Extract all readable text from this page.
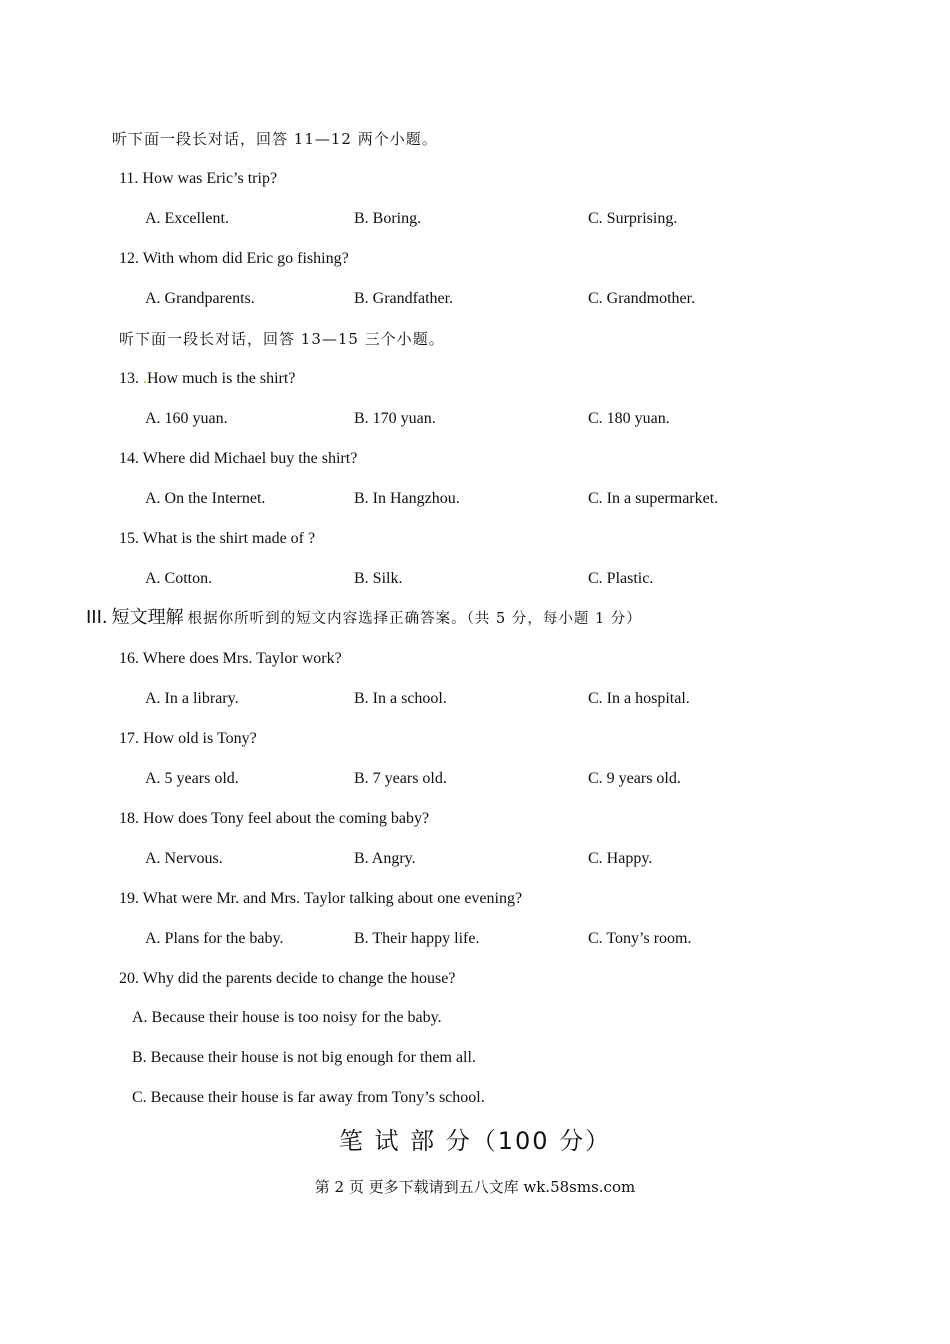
听下面一段长对话，回答 11—12 两个小题。
11. How was Eric’s trip?
A. Excellent.	B. Boring.	C. Surprising.
12. With whom did Eric go fishing?
A. Grandparents.	B. Grandfather.	C. Grandmother.
听下面一段长对话，回答 13—15 三个小题。
13. .How much is the shirt?
A. 160 yuan.	B. 170 yuan.	C. 180 yuan.
14. Where did Michael buy the shirt?
A. On the Internet.	B. In Hangzhou.	C. In a supermarket.
15. What is the shirt made of ?
A. Cotton.	B. Silk.	C. Plastic.
III. 短文理解 根据你所听到的短文内容选择正确答案。（共 5 分，每小题 1 分）
16. Where does Mrs. Taylor work?
A. In a library.	B. In a school.	C. In a hospital.
17. How old is Tony?
A. 5 years old.	B. 7 years old.	C. 9 years old.
18. How does Tony feel about the coming baby?
A. Nervous.	B. Angry.	C. Happy.
19. What were Mr. and Mrs. Taylor talking about one evening?
A. Plans for the baby.	B. Their happy life.	C. Tony’s room.
20. Why did the parents decide to change the house?
A. Because their house is too noisy for the baby.
B. Because their house is not big enough for them all.
C. Because their house is far away from Tony’s school.
笔 试 部 分（100 分）
第 2 页 更多下载请到五八文库 wk.58sms.com
